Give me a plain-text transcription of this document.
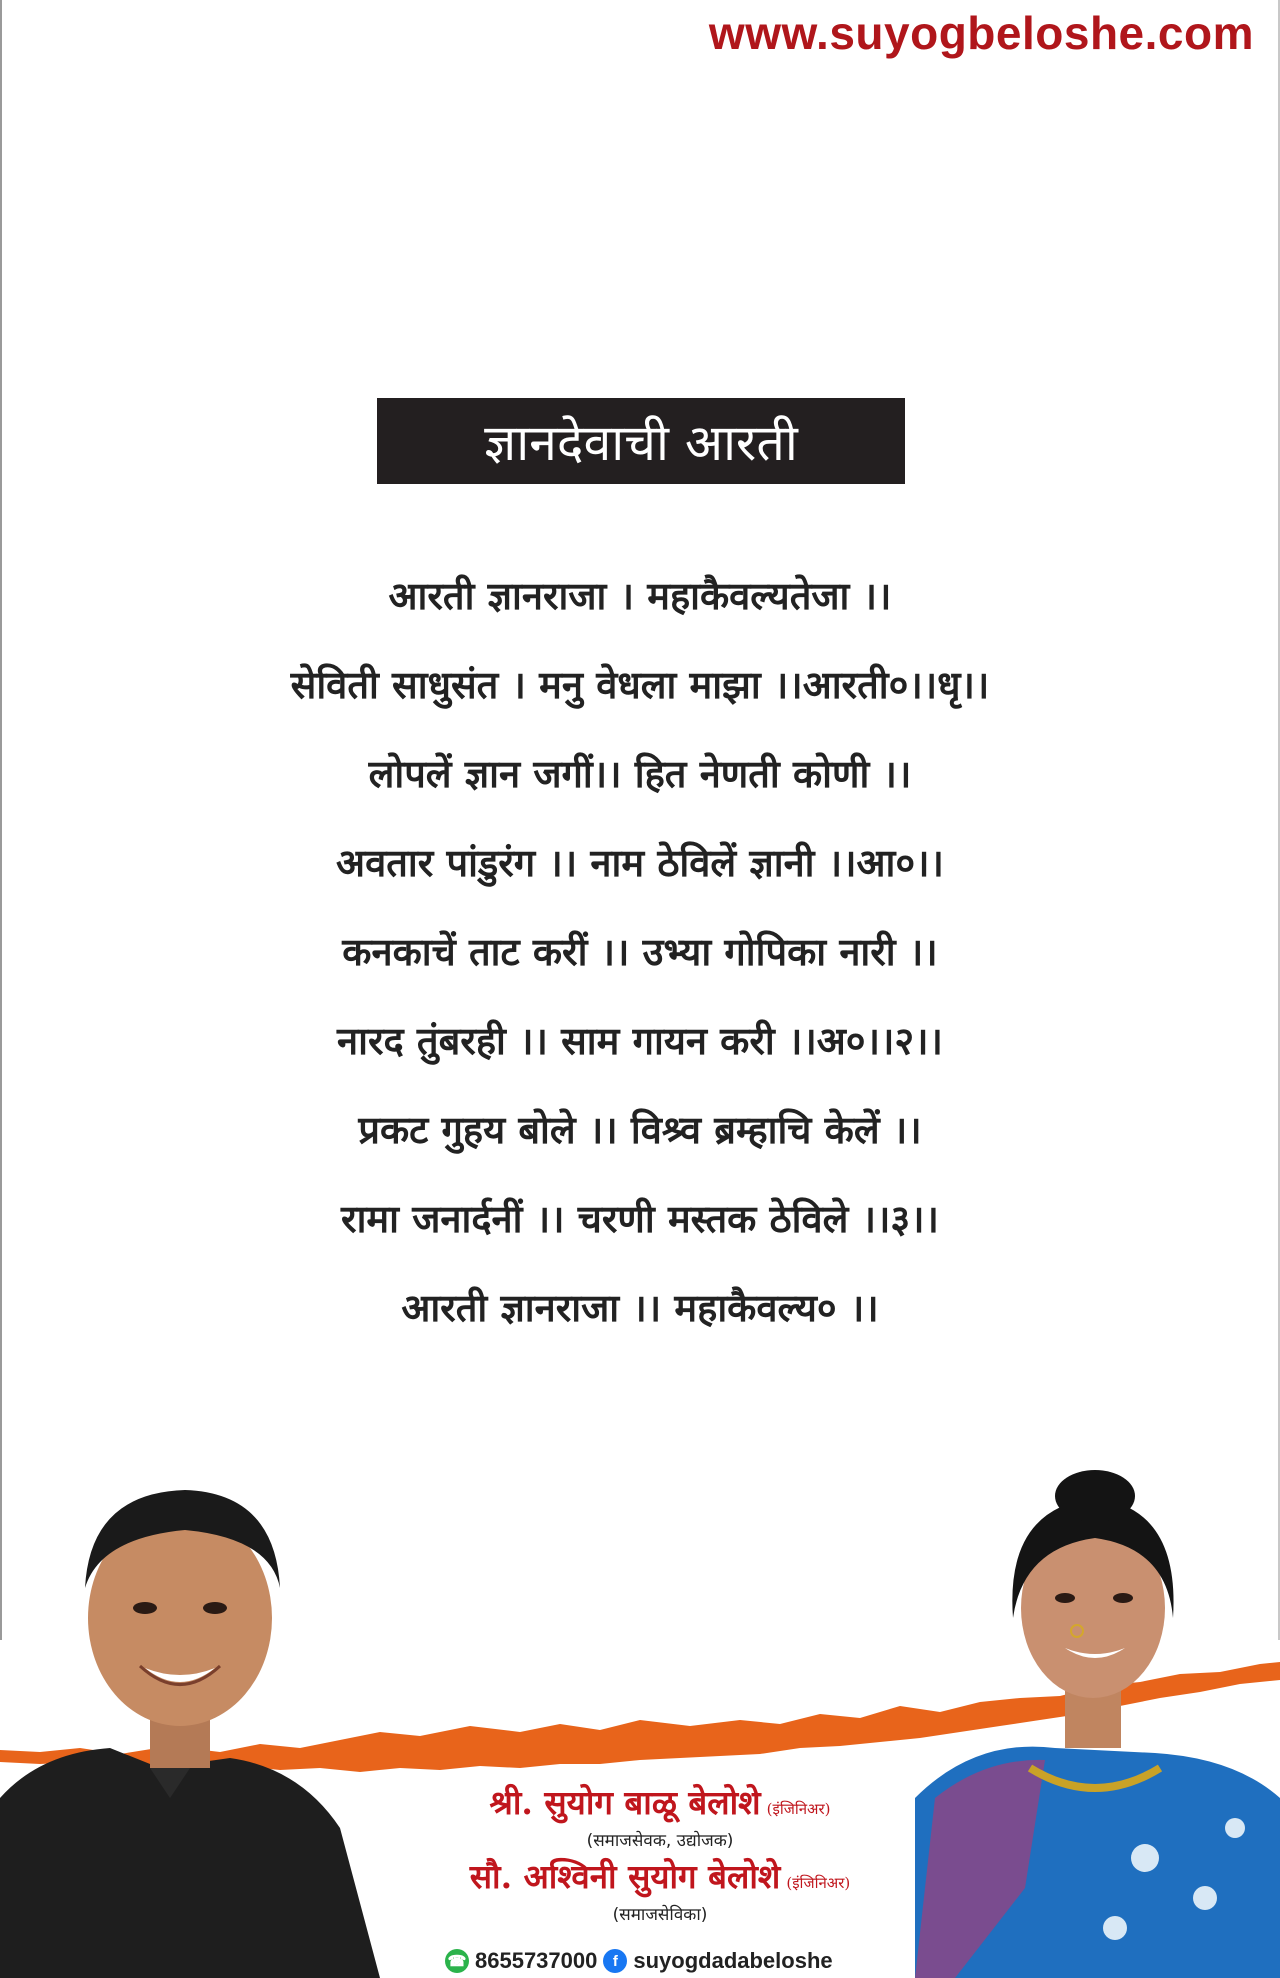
www.suyogbeloshe.com
ज्ञानदेवाची आरती
आरती ज्ञानराजा । महाकैवल्यतेजा ।।
सेविती साधुसंत । मनु वेधला माझा ।।आरती०।।धृ।।
लोपलें ज्ञान जगीं।। हित नेणती कोणी ।।
अवतार पांडुरंग ।। नाम ठेविलें ज्ञानी ।।आ०।।
कनकाचें ताट करीं ।। उभ्या गोपिका नारी ।।
नारद तुंबरही ।। साम गायन करी ।।अ०।।२।।
प्रकट गुहय बोले ।। विश्र्व ब्रम्हाचि केलें ।।
रामा जनार्दनीं ।। चरणी मस्तक ठेविले ।।३।।
आरती ज्ञानराजा ।। महाकैवल्य० ।।
श्री. सुयोग बाळू बेलोशे (इंजिनिअर)
(समाजसेवक, उद्योजक)
सौ. अश्विनी सुयोग बेलोशे (इंजिनिअर)
(समाजसेविका)
☎ 8655737000	f suyogdadabeloshe
